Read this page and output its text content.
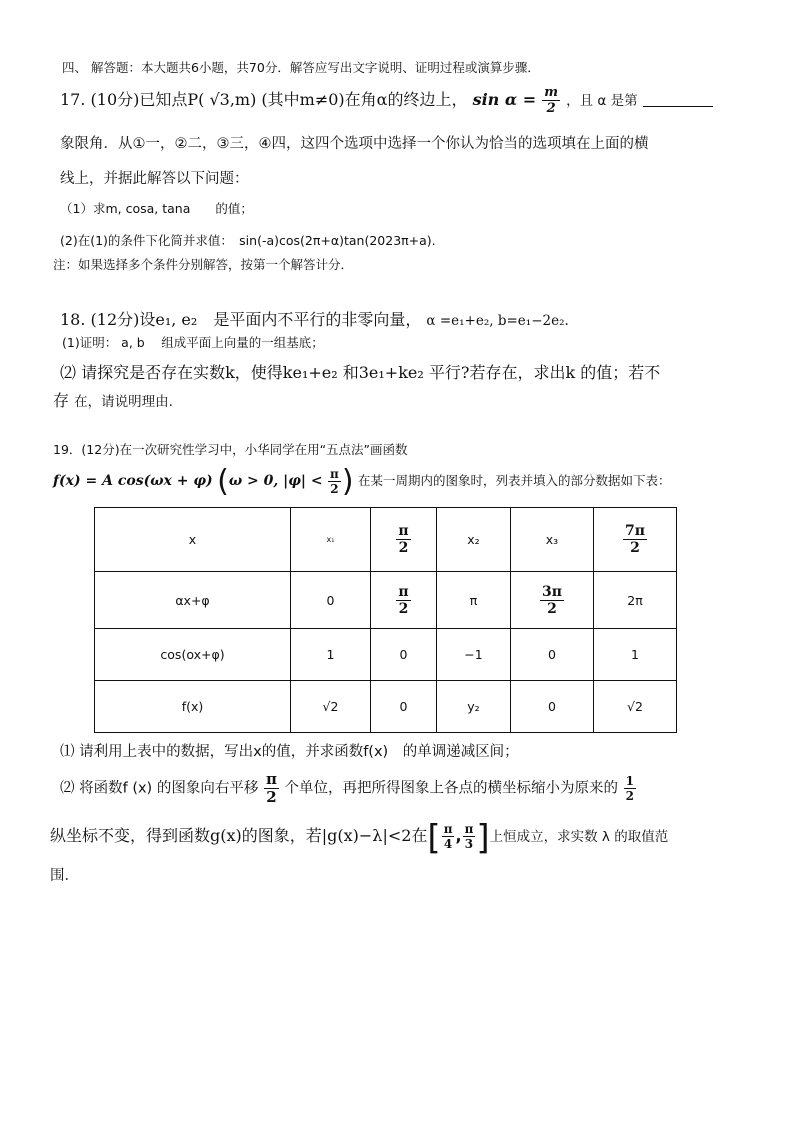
四、 解答题：本大题共6小题，共70分．解答应写出文字说明、证明过程或演算步骤．
17. (10分)已知点P( √3,m) (其中m≠0)在角α的终边上， $\sin \alpha = \frac{m}{2}$ ，且 α 是第
象限角．从①一，②二，③三，④四，这四个选项中选择一个你认为恰当的选项填在上面的横
线上，并据此解答以下问题：
（1）求m, cosa, tana　　的值；
(2)在(1)的条件下化简并求值：　sin(-a)cos(2π+α)tan(2023π+a).
注：如果选择多个条件分别解答，按第一个解答计分．
18. (12分)设e₁, e₂　是平面内不平行的非零向量， α =e₁+e₂, b=e₁−2e₂.
(1)证明： a, b　 组成平面上向量的一组基底；
⑵ 请探究是否存在实数k，使得ke₁+e₂ 和3e₁+ke₂ 平行?若存在，求出k 的值；若不
存 在，请说明理由.
19．(12分)在一次研究性学习中，小华同学在用“五点法”画函数
f(x) = A cos(ωx + φ) (ω > 0, $|\varphi| < \frac{\pi}{2}$ ) 在某一周期内的图象时，列表并填入的部分数据如下表：
x	x₁	$\frac{\pi}{2}$	x₂	x₃	$\frac{7\pi}{2}$

αx+φ	0	$\frac{\pi}{2}$	π	$\frac{3\pi}{2}$	2π
cos(ox+φ)	1	0	−1	0	1
f(x)	√2	0	y₂	0	√2
⑴ 请利用上表中的数据，写出x的值，并求函数f(x)　的单调递减区间；
⑵ 将函数f (x) 的图象向右平移 $\frac{\pi}{2}$ 个单位，再把所得图象上各点的横坐标缩小为原来的 $\frac{1}{2}$
纵坐标不变，得到函数g(x)的图象，若|g(x)−λ|<2在[ $\frac{\pi}{4}$ , $\frac{\pi}{3}$ ]上恒成立，求实数 λ 的取值范
围．
